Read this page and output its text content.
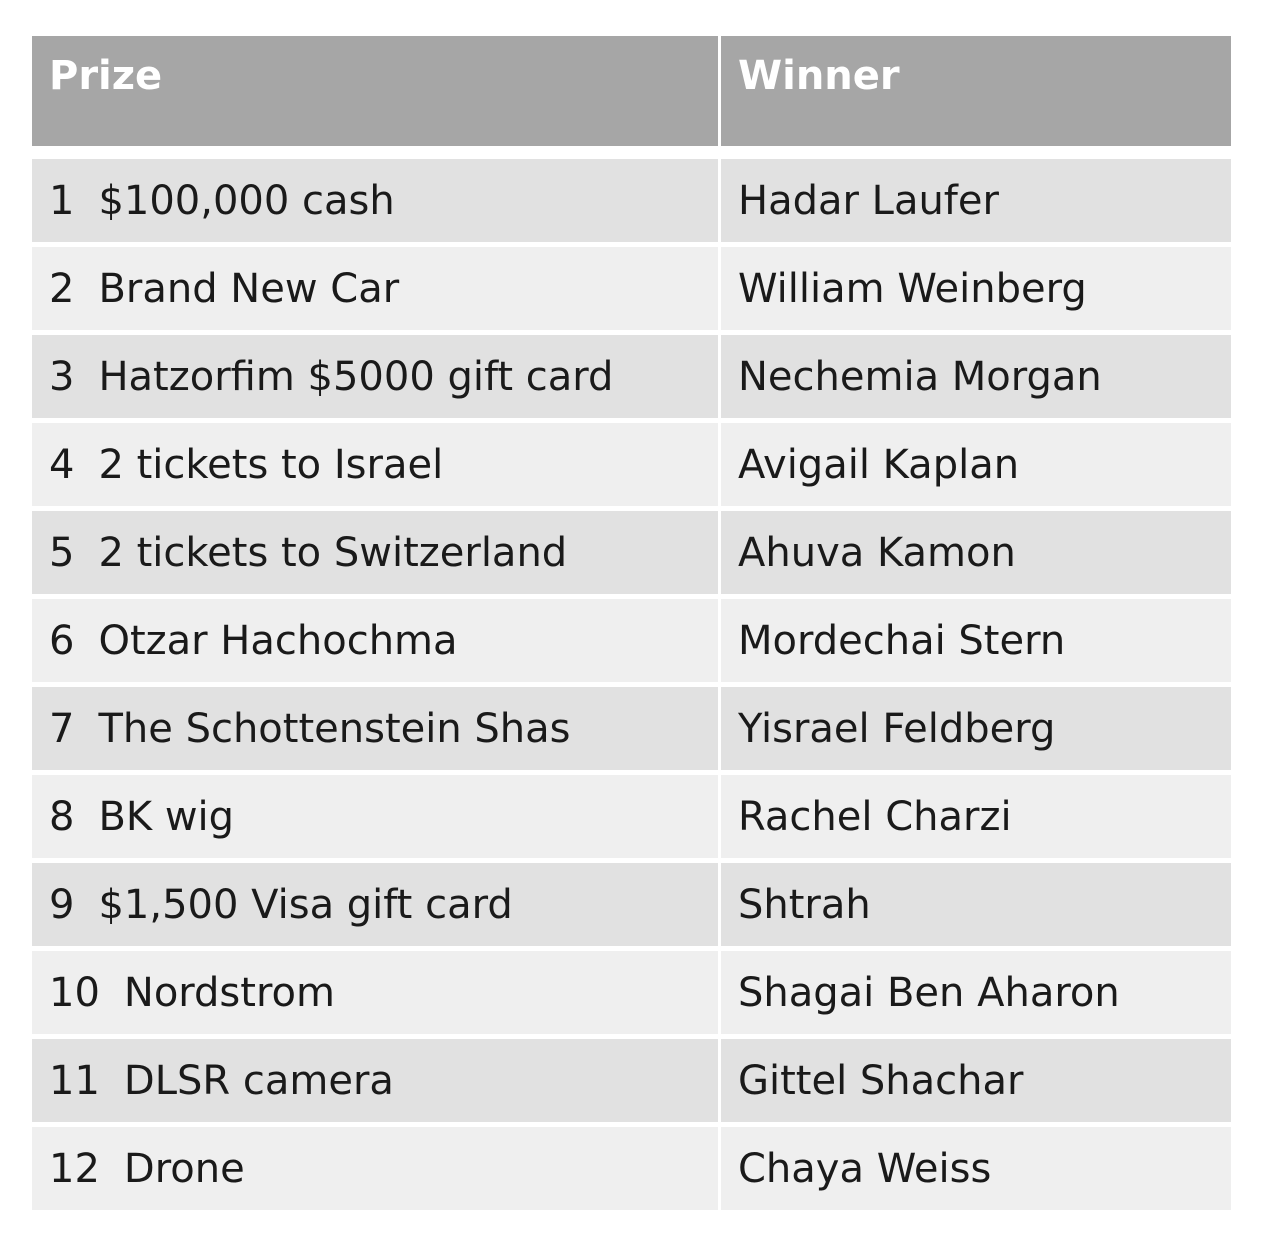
Prize	Winner
1 $100,000 cash	Hadar Laufer
2 Brand New Car	William Weinberg
3 Hatzorfim $5000 gift card	Nechemia Morgan
4 2 tickets to Israel	Avigail Kaplan
5 2 tickets to Switzerland	Ahuva Kamon
6 Otzar Hachochma	Mordechai Stern
7 The Schottenstein Shas	Yisrael Feldberg
8 BK wig	Rachel Charzi
9 $1,500 Visa gift card	Shtrah
10 Nordstrom	Shagai Ben Aharon
11 DLSR camera	Gittel Shachar
12 Drone	Chaya Weiss
